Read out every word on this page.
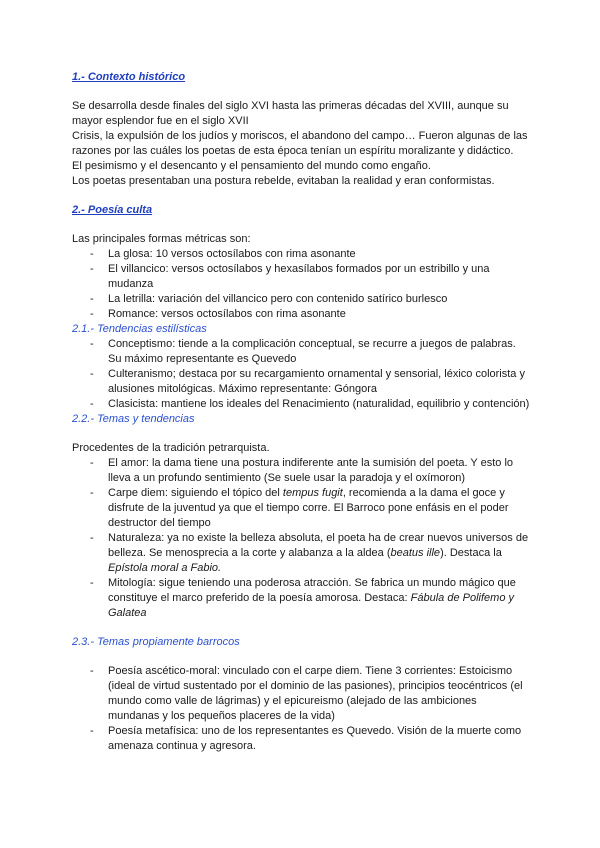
1.- Contexto histórico

Se desarrolla desde finales del siglo XVI hasta las primeras décadas del XVIII, aunque su mayor esplendor fue en el siglo XVII

Crisis, la expulsión de los judíos y moriscos, el abandono del campo… Fueron algunas de las razones por las cuáles los poetas de esta época tenían un espíritu moralizante y didáctico.

El pesimismo y el desencanto y el pensamiento del mundo como engaño.

Los poetas presentaban una postura rebelde, evitaban la realidad y eran conformistas.

2.- Poesía culta

Las principales formas métricas son:

- La glosa: 10 versos octosílabos con rima asonante
- El villancico: versos octosílabos y hexasílabos formados por un estribillo y una mudanza
- La letrilla: variación del villancico pero con contenido satírico burlesco
- Romance: versos octosílabos con rima asonante

2.1.- Tendencias estilísticas

- Conceptismo: tiende a la complicación conceptual, se recurre a juegos de palabras. Su máximo representante es Quevedo
- Culteranismo; destaca por su recargamiento ornamental y sensorial, léxico colorista y alusiones mitológicas. Máximo representante: Góngora
- Clasicista: mantiene los ideales del Renacimiento (naturalidad, equilibrio y contención)

2.2.- Temas y tendencias

Procedentes de la tradición petrarquista.

- El amor: la dama tiene una postura indiferente ante la sumisión del poeta. Y esto lo lleva a un profundo sentimiento (Se suele usar la paradoja y el oxímoron)
- Carpe diem: siguiendo el tópico del tempus fugit, recomienda a la dama el goce y disfrute de la juventud ya que el tiempo corre. El Barroco pone enfásis en el poder destructor del tiempo
- Naturaleza: ya no existe la belleza absoluta, el poeta ha de crear nuevos universos de belleza. Se menosprecia a la corte y alabanza a la aldea (beatus ille). Destaca la Epístola moral a Fabio.
- Mitología: sigue teniendo una poderosa atracción. Se fabrica un mundo mágico que constituye el marco preferido de la poesía amorosa. Destaca: Fábula de Polifemo y Galatea

2.3.- Temas propiamente barrocos

- Poesía ascético-moral: vinculado con el carpe diem. Tiene 3 corrientes: Estoicismo (ideal de virtud sustentado por el dominio de las pasiones), principios teocéntricos (el mundo como valle de lágrimas) y el epicureismo (alejado de las ambiciones mundanas y los pequeños placeres de la vida)
- Poesía metafísica: uno de los representantes es Quevedo. Visión de la muerte como amenaza continua y agresora.
